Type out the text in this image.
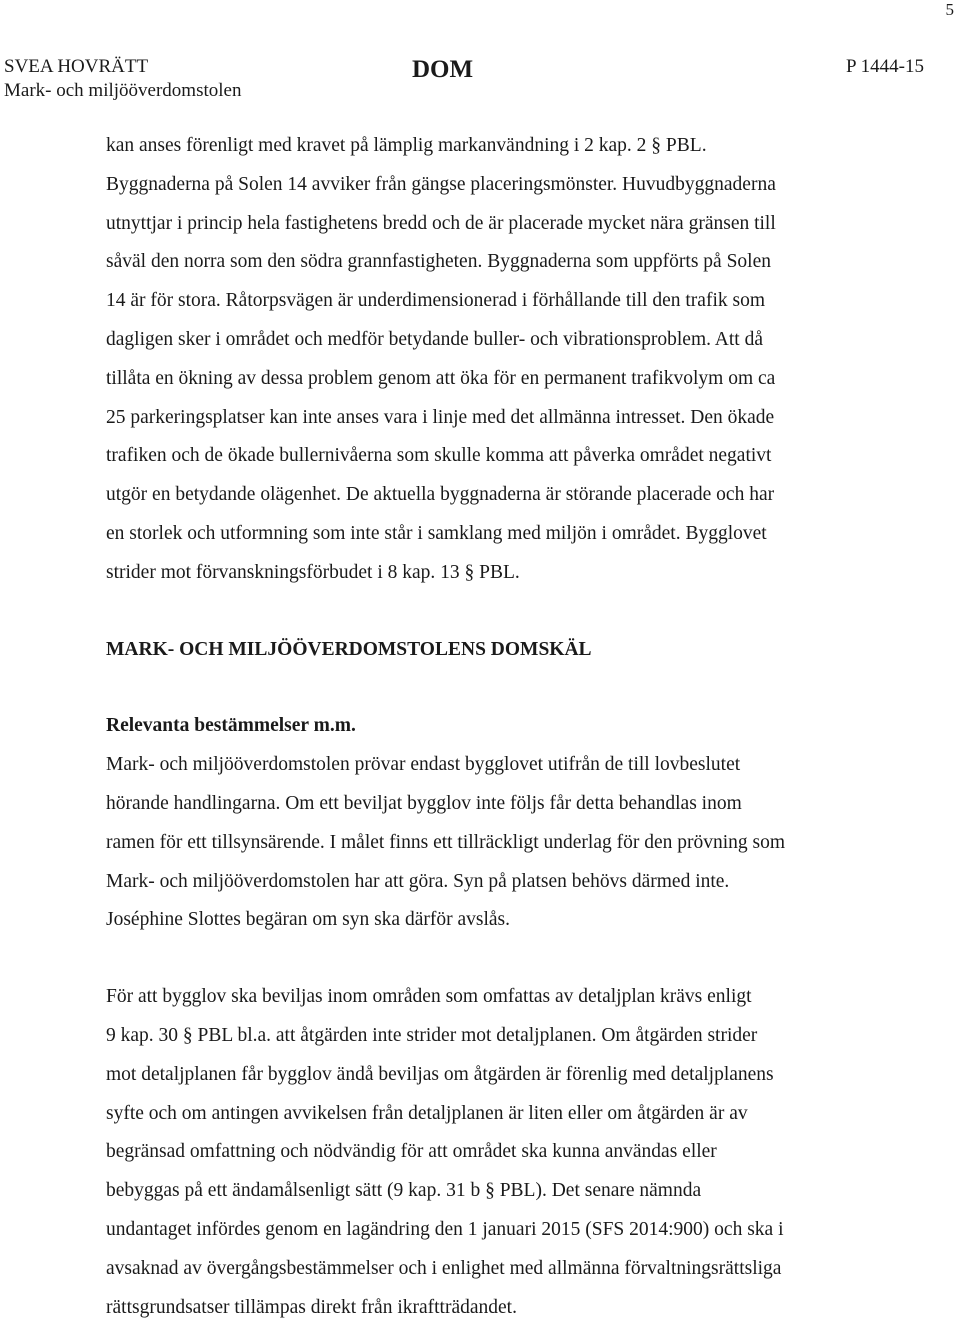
5
SVEA HOVRÄTT
Mark- och miljööverdomstolen
DOM	P 1444-15

kan anses förenligt med kravet på lämplig markanvändning i 2 kap. 2 § PBL.
Byggnaderna på Solen 14 avviker från gängse placeringsmönster. Huvudbyggnaderna
utnyttjar i princip hela fastighetens bredd och de är placerade mycket nära gränsen till
såväl den norra som den södra grannfastigheten. Byggnaderna som uppförts på Solen
14 är för stora. Råtorpsvägen är underdimensionerad i förhållande till den trafik som
dagligen sker i området och medför betydande buller- och vibrationsproblem. Att då
tillåta en ökning av dessa problem genom att öka för en permanent trafikvolym om ca
25 parkeringsplatser kan inte anses vara i linje med det allmänna intresset. Den ökade
trafiken och de ökade bullernivåerna som skulle komma att påverka området negativt
utgör en betydande olägenhet. De aktuella byggnaderna är störande placerade och har
en storlek och utformning som inte står i samklang med miljön i området. Bygglovet
strider mot förvanskningsförbudet i 8 kap. 13 § PBL.

MARK- OCH MILJÖÖVERDOMSTOLENS DOMSKÄL
Relevanta bestämmelser m.m.

Mark- och miljööverdomstolen prövar endast bygglovet utifrån de till lovbeslutet
hörande handlingarna. Om ett beviljat bygglov inte följs får detta behandlas inom
ramen för ett tillsynsärende. I målet finns ett tillräckligt underlag för den prövning som
Mark- och miljööverdomstolen har att göra. Syn på platsen behövs därmed inte.
Joséphine Slottes begäran om syn ska därför avslås.

För att bygglov ska beviljas inom områden som omfattas av detaljplan krävs enligt
9 kap. 30 § PBL bl.a. att åtgärden inte strider mot detaljplanen. Om åtgärden strider
mot detaljplanen får bygglov ändå beviljas om åtgärden är förenlig med detaljplanens
syfte och om antingen avvikelsen från detaljplanen är liten eller om åtgärden är av
begränsad omfattning och nödvändig för att området ska kunna användas eller
bebyggas på ett ändamålsenligt sätt (9 kap. 31 b § PBL). Det senare nämnda
undantaget infördes genom en lagändring den 1 januari 2015 (SFS 2014:900) och ska i
avsaknad av övergångsbestämmelser och i enlighet med allmänna förvaltningsrättsliga
rättsgrundsatser tillämpas direkt från ikraftträdandet.
